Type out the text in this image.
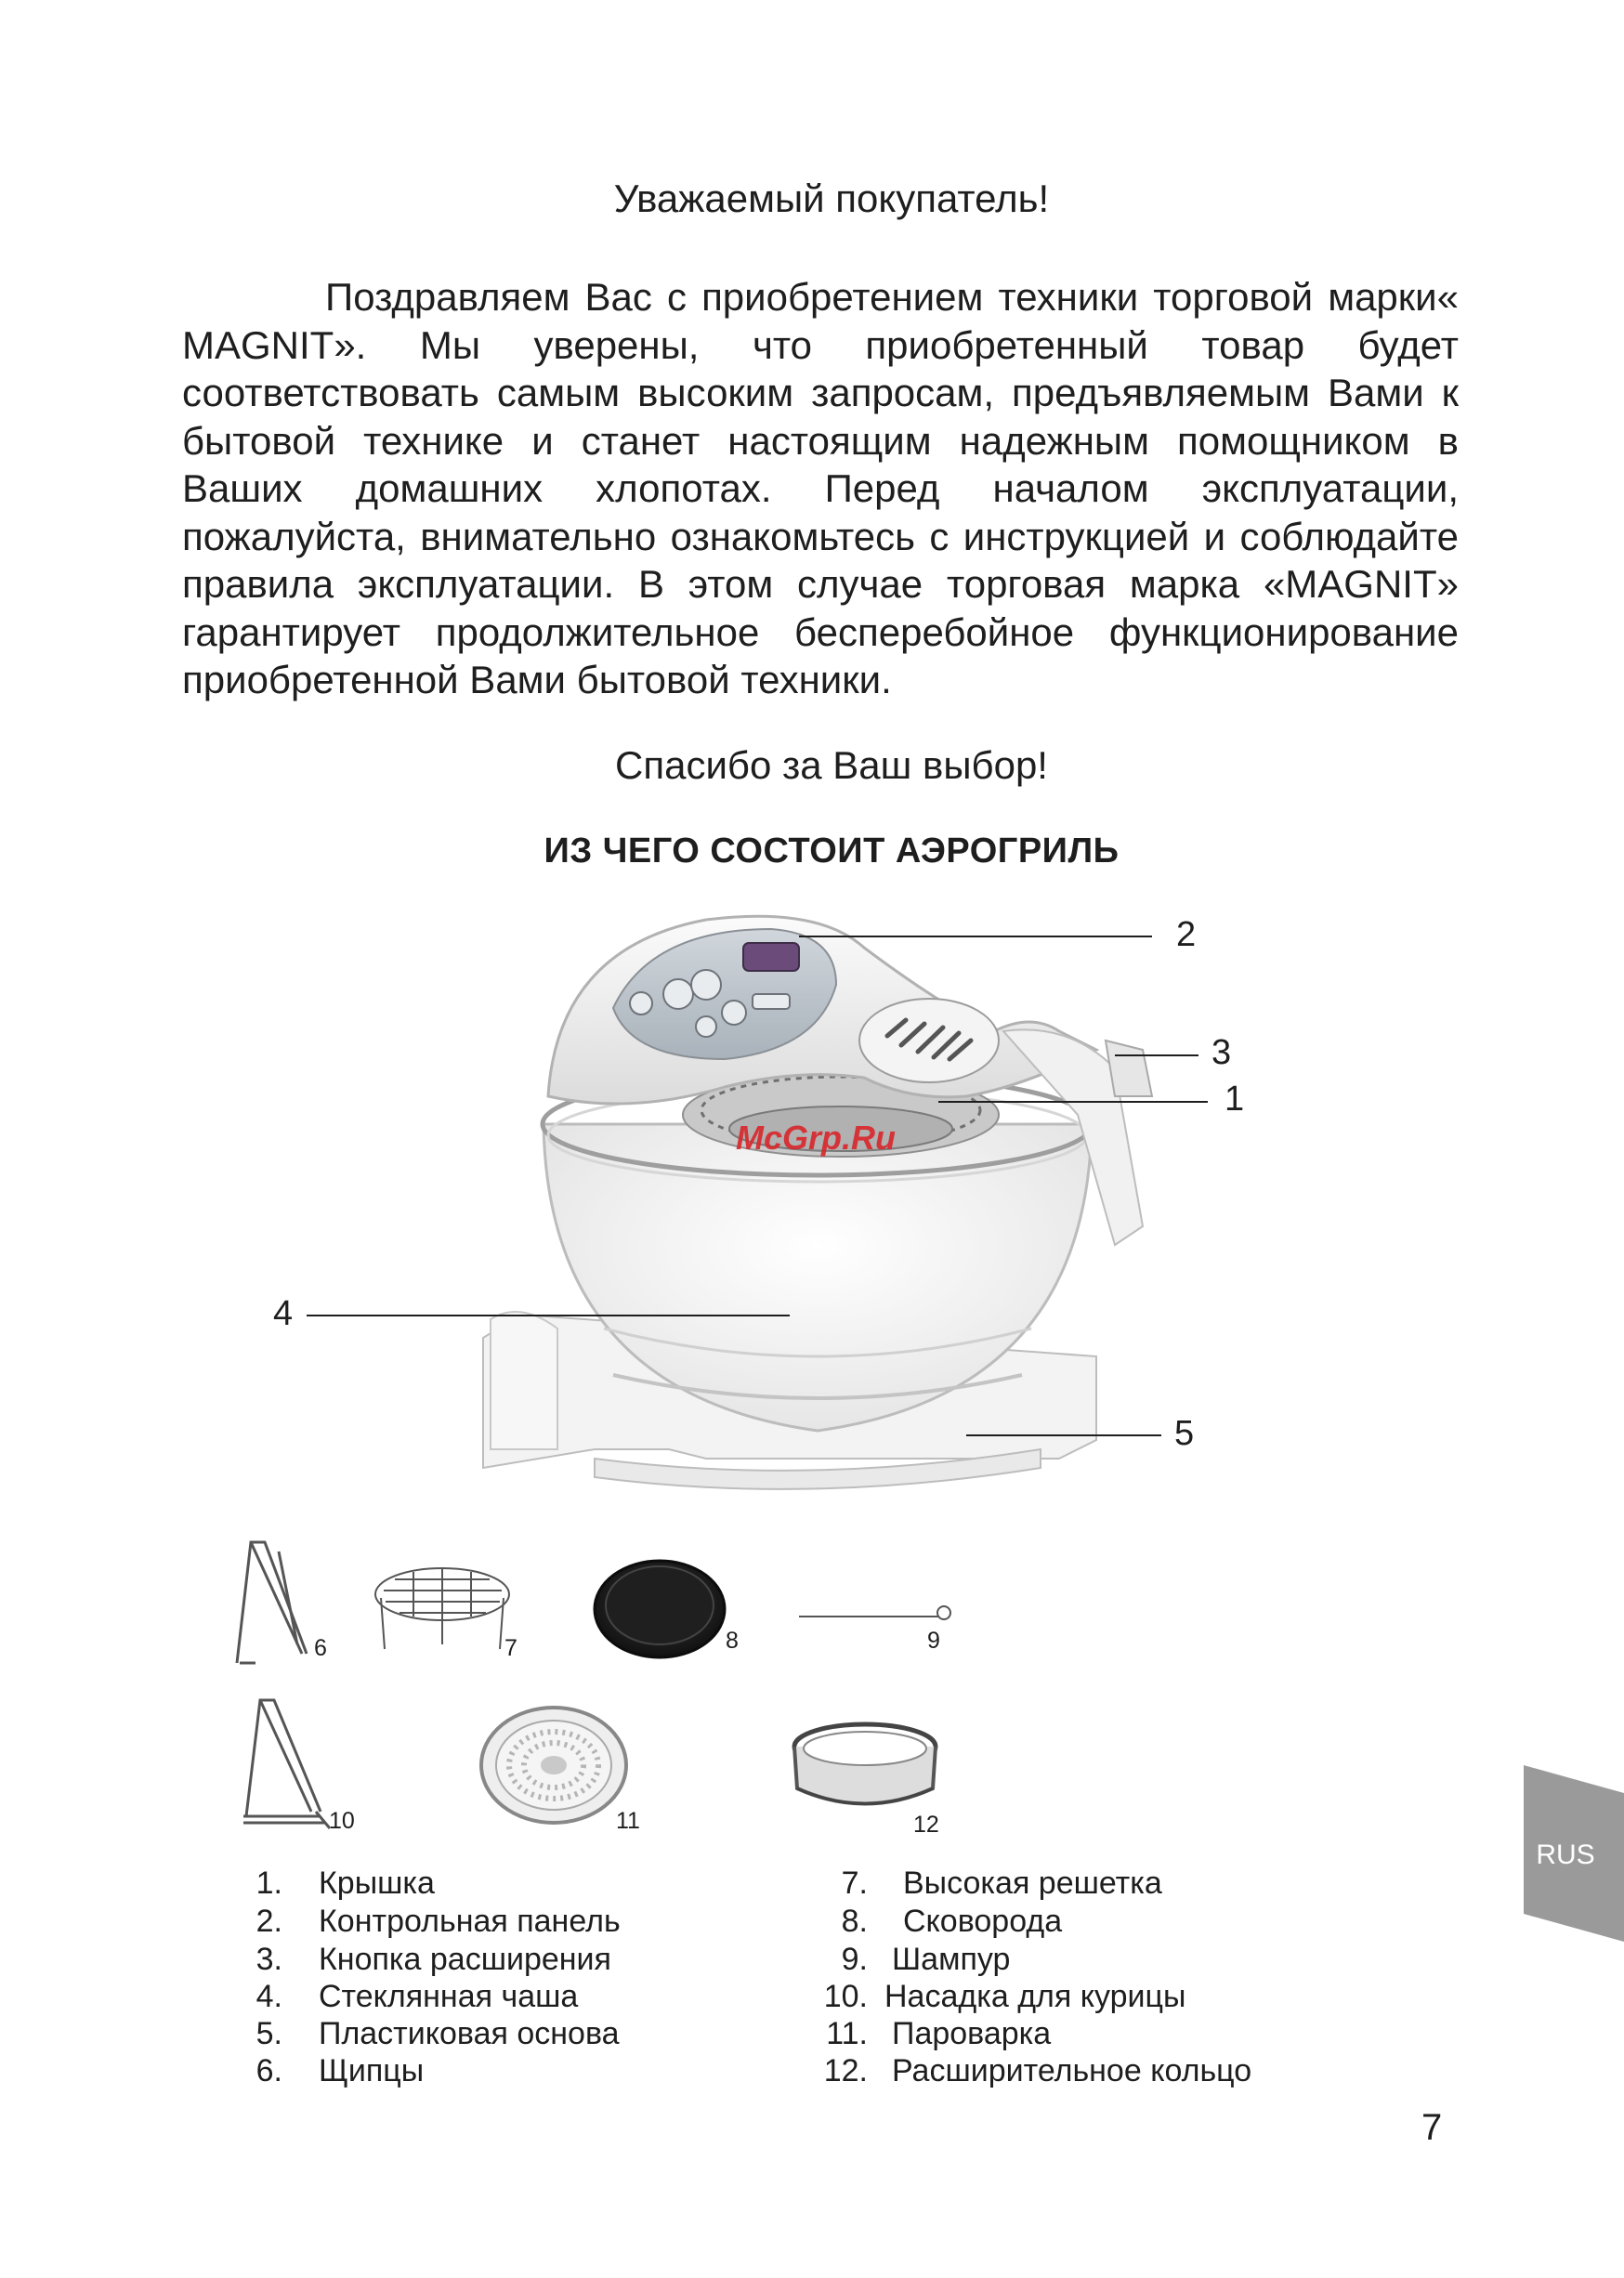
Уважаемый покупатель!
Поздравляем Вас с приобретением техники торговой марки« MAGNIT». Мы уверены, что приобретенный товар будет соответствовать самым высоким запросам, предъявляемым Вами к бытовой технике и станет настоящим надежным помощником в Ваших домашних хлопотах. Перед началом эксплуатации, пожалуйста, внимательно ознакомьтесь с инструкцией и соблюдайте правила эксплуатации. В этом случае торговая марка «MAGNIT» гарантирует продолжительное бесперебойное функционирование приобретенной Вами бытовой техники.
Спасибо за Ваш выбор!
ИЗ ЧЕГО СОСТОИТ АЭРОГРИЛЬ
2
3
1
4
5
McGrp.Ru
6	7	8	9
10	11	12
1. Крышка
2. Контрольная панель
3. Кнопка расширения
4. Стеклянная чаша
5. Пластиковая основа
6. Щипцы
7. Высокая решетка
8. Сковорода
9. Шампур
10. Насадка для курицы
11. Пароварка
12. Расширительное кольцо
RUS
7
